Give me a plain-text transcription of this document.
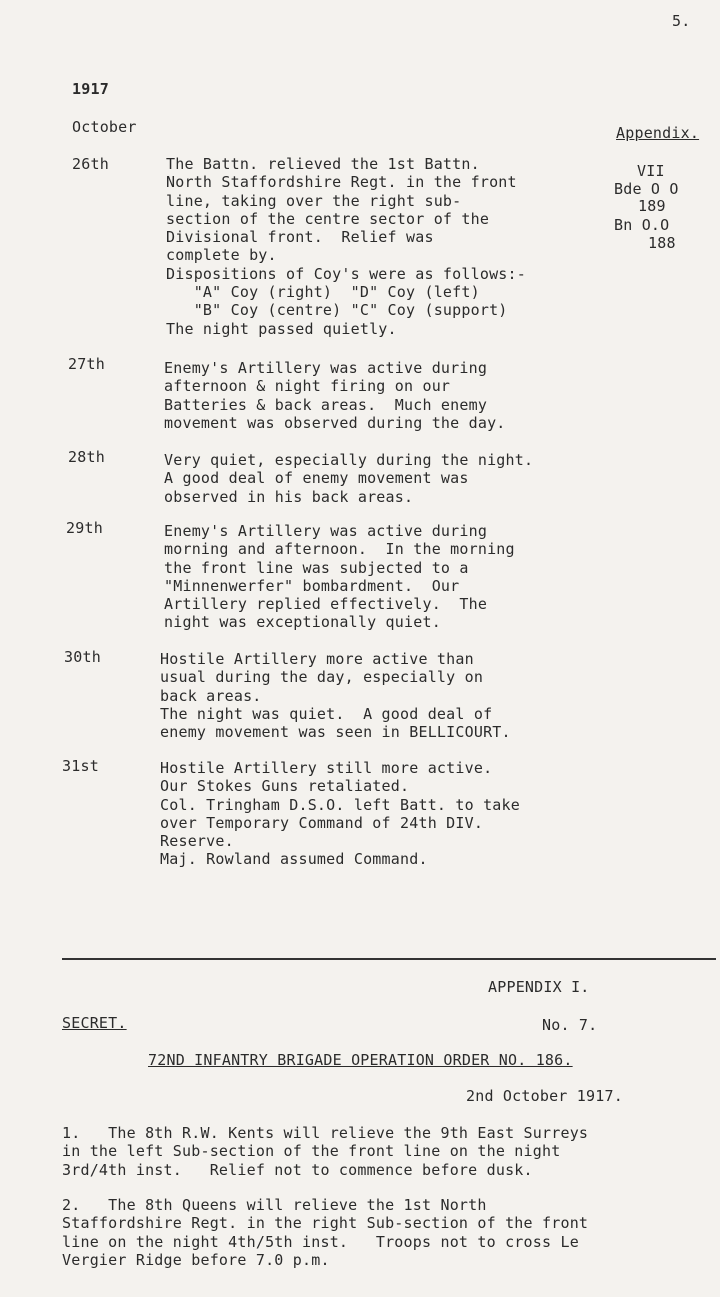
5.
1917
October	Appendix.
VII
Bde O O
189
Bn O.O
188
26th	The Battn. relieved the 1st Battn.
North Staffordshire Regt. in the front
line, taking over the right sub-
section of the centre sector of the
Divisional front.  Relief was
complete by.
Dispositions of Coy's were as follows:-
"A" Coy (right)  "D" Coy (left)
"B" Coy (centre) "C" Coy (support)
The night passed quietly.
27th	Enemy's Artillery was active during
afternoon & night firing on our
Batteries & back areas.  Much enemy
movement was observed during the day.
28th	Very quiet, especially during the night.
A good deal of enemy movement was
observed in his back areas.
29th	Enemy's Artillery was active during
morning and afternoon.  In the morning
the front line was subjected to a
"Minnenwerfer" bombardment.  Our
Artillery replied effectively.  The
night was exceptionally quiet.
30th	Hostile Artillery more active than
usual during the day, especially on
back areas.
The night was quiet.  A good deal of
enemy movement was seen in BELLICOURT.
31st	Hostile Artillery still more active.
Our Stokes Guns retaliated.
Col. Tringham D.S.O. left Batt. to take
over Temporary Command of 24th DIV.
Reserve.
Maj. Rowland assumed Command.
APPENDIX I.
SECRET.	No. 7.
72ND INFANTRY BRIGADE OPERATION ORDER NO. 186.
2nd October 1917.
1.   The 8th R.W. Kents will relieve the 9th East Surreys
in the left Sub-section of the front line on the night
3rd/4th inst.   Relief not to commence before dusk.
2.   The 8th Queens will relieve the 1st North
Staffordshire Regt. in the right Sub-section of the front
line on the night 4th/5th inst.   Troops not to cross Le
Vergier Ridge before 7.0 p.m.
